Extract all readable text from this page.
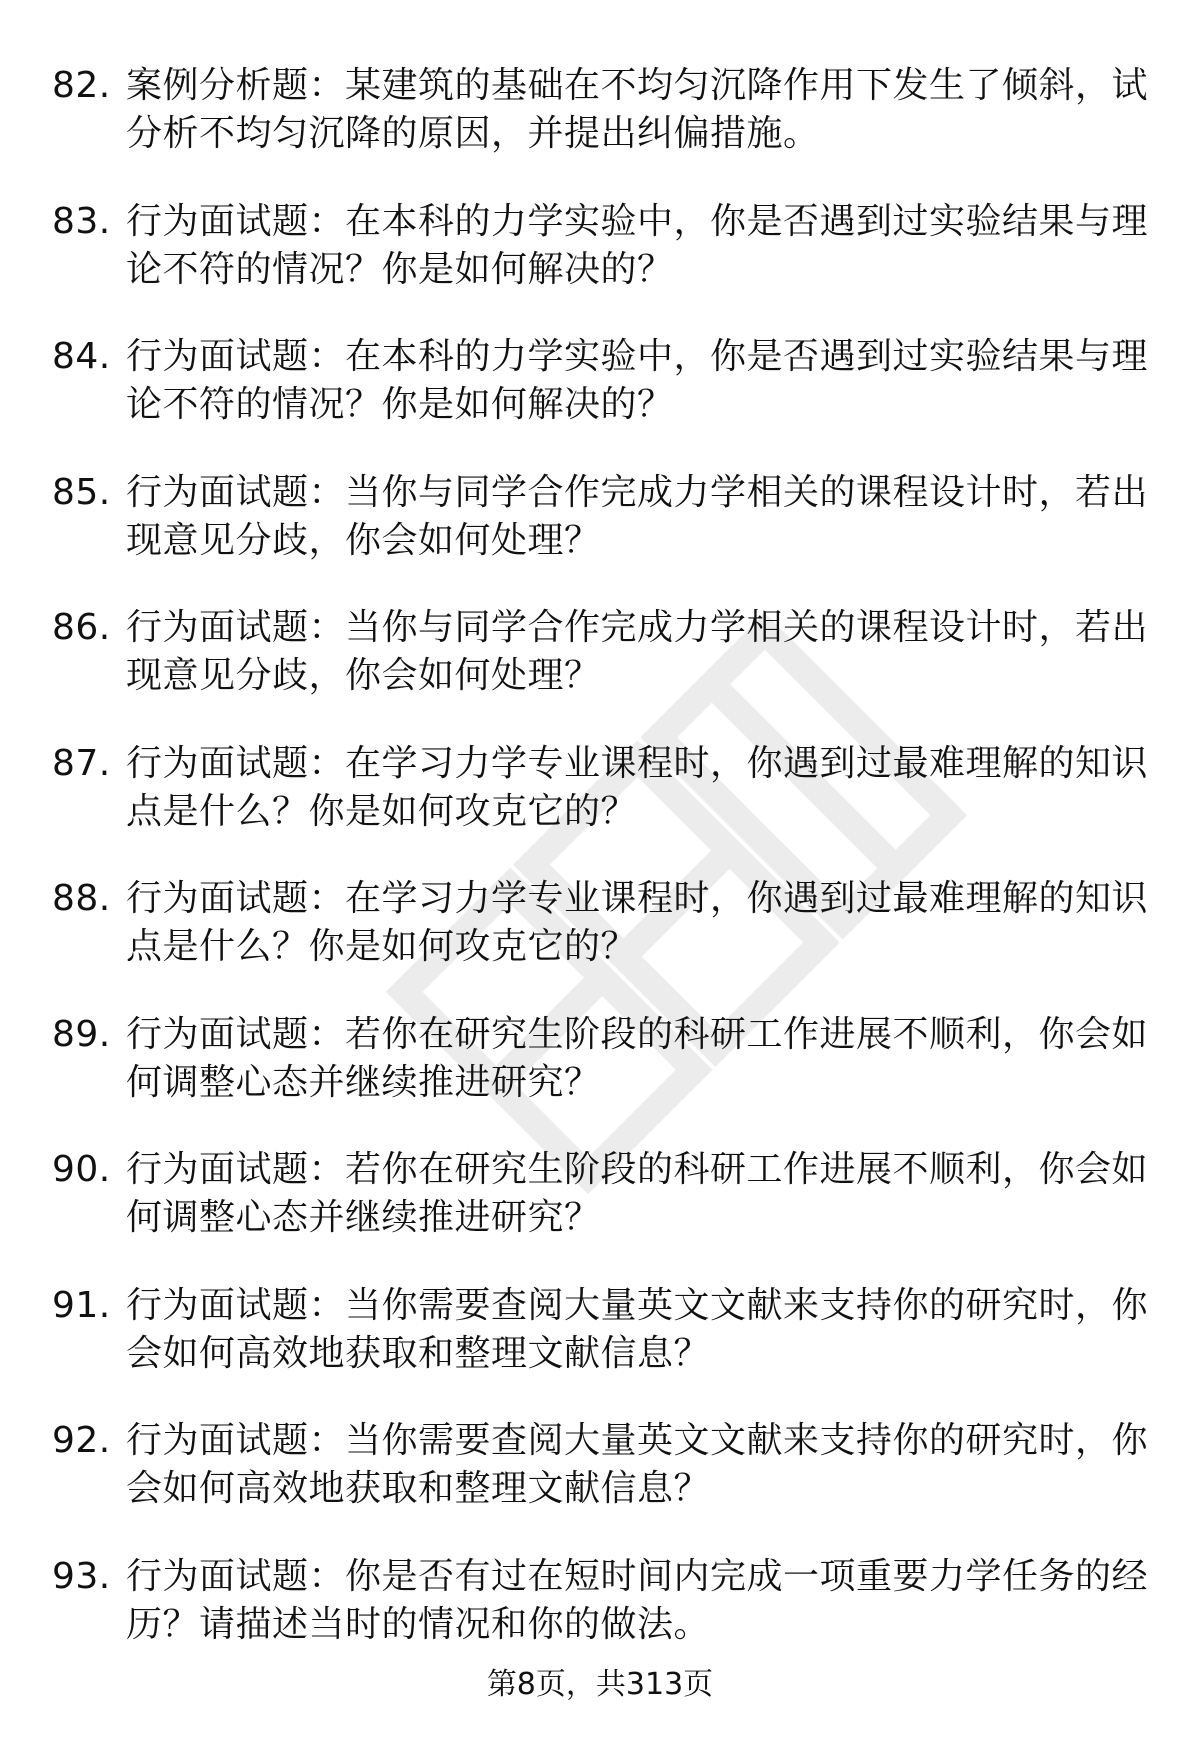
82. 案例分析题：某建筑的基础在不均匀沉降作用下发生了倾斜，试分析不均匀沉降的原因，并提出纠偏措施。
83. 行为面试题：在本科的力学实验中，你是否遇到过实验结果与理论不符的情况？你是如何解决的？
84. 行为面试题：在本科的力学实验中，你是否遇到过实验结果与理论不符的情况？你是如何解决的？
85. 行为面试题：当你与同学合作完成力学相关的课程设计时，若出现意见分歧，你会如何处理？
86. 行为面试题：当你与同学合作完成力学相关的课程设计时，若出现意见分歧，你会如何处理？
87. 行为面试题：在学习力学专业课程时，你遇到过最难理解的知识点是什么？你是如何攻克它的？
88. 行为面试题：在学习力学专业课程时，你遇到过最难理解的知识点是什么？你是如何攻克它的？
89. 行为面试题：若你在研究生阶段的科研工作进展不顺利，你会如何调整心态并继续推进研究？
90. 行为面试题：若你在研究生阶段的科研工作进展不顺利，你会如何调整心态并继续推进研究？
91. 行为面试题：当你需要查阅大量英文文献来支持你的研究时，你会如何高效地获取和整理文献信息？
92. 行为面试题：当你需要查阅大量英文文献来支持你的研究时，你会如何高效地获取和整理文献信息？
93. 行为面试题：你是否有过在短时间内完成一项重要力学任务的经历？请描述当时的情况和你的做法。
第8页，共313页
